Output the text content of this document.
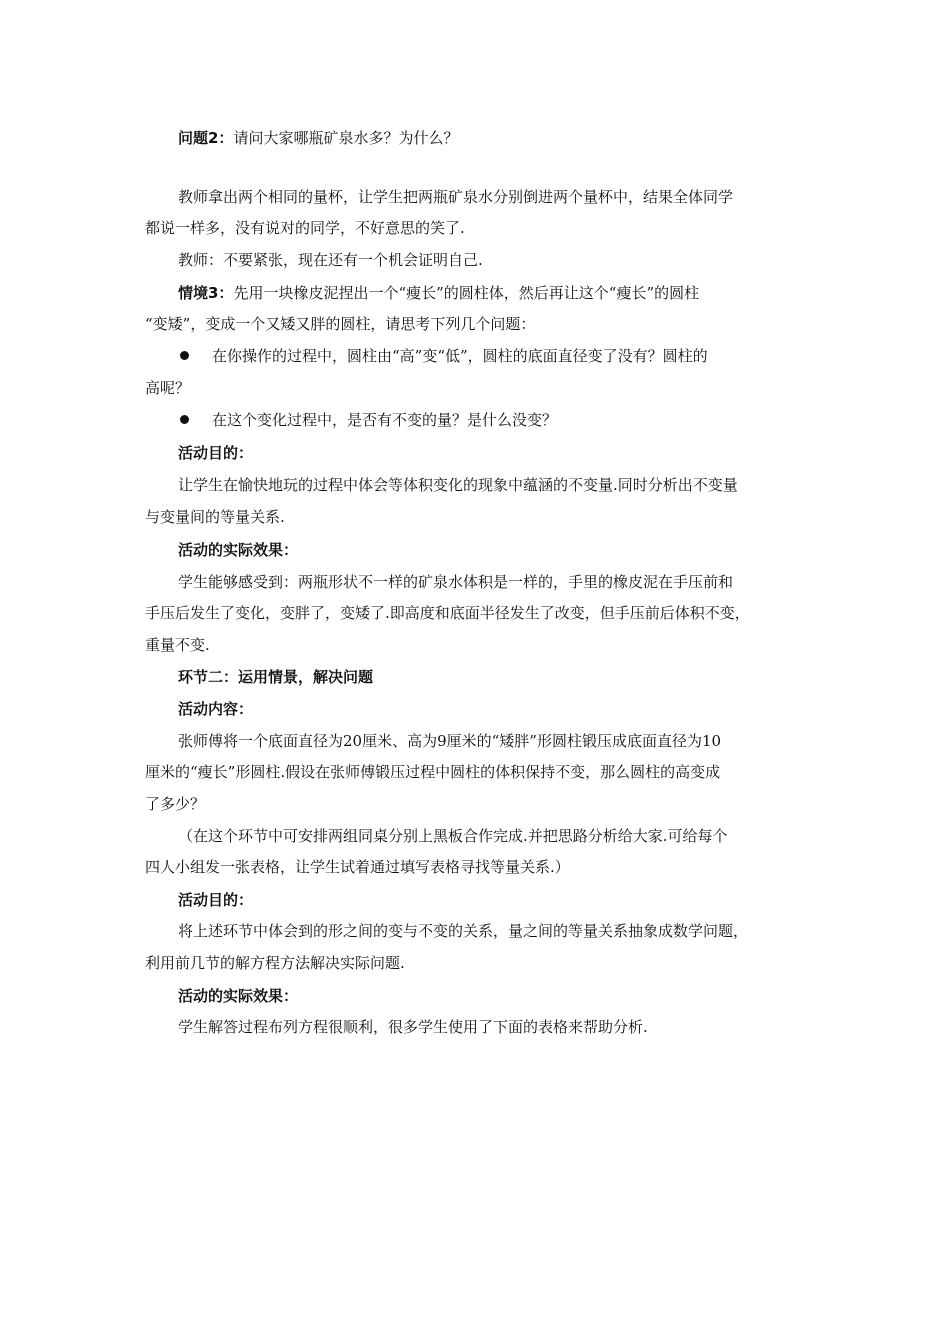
问题2：请问大家哪瓶矿泉水多？为什么？
教师拿出两个相同的量杯，让学生把两瓶矿泉水分别倒进两个量杯中，结果全体同学
都说一样多，没有说对的同学，不好意思的笑了.
教师：不要紧张，现在还有一个机会证明自己.
情境3：先用一块橡皮泥捏出一个“瘦长”的圆柱体，然后再让这个“瘦长”的圆柱
“变矮”，变成一个又矮又胖的圆柱，请思考下列几个问题：
在你操作的过程中，圆柱由“高”变“低”，圆柱的底面直径变了没有？圆柱的
高呢？
在这个变化过程中，是否有不变的量？是什么没变？
活动目的：
让学生在愉快地玩的过程中体会等体积变化的现象中蕴涵的不变量.同时分析出不变量
与变量间的等量关系.
活动的实际效果：
学生能够感受到：两瓶形状不一样的矿泉水体积是一样的，手里的橡皮泥在手压前和
手压后发生了变化，变胖了，变矮了.即高度和底面半径发生了改变，但手压前后体积不变，
重量不变.
环节二：运用情景，解决问题
活动内容：
张师傅将一个底面直径为20厘米、高为9厘米的“矮胖”形圆柱锻压成底面直径为10
厘米的“瘦长”形圆柱.假设在张师傅锻压过程中圆柱的体积保持不变，那么圆柱的高变成
了多少？
（在这个环节中可安排两组同桌分别上黑板合作完成.并把思路分析给大家.可给每个
四人小组发一张表格，让学生试着通过填写表格寻找等量关系.）
活动目的：
将上述环节中体会到的形之间的变与不变的关系，量之间的等量关系抽象成数学问题，
利用前几节的解方程方法解决实际问题.
活动的实际效果：
学生解答过程布列方程很顺利，很多学生使用了下面的表格来帮助分析.
